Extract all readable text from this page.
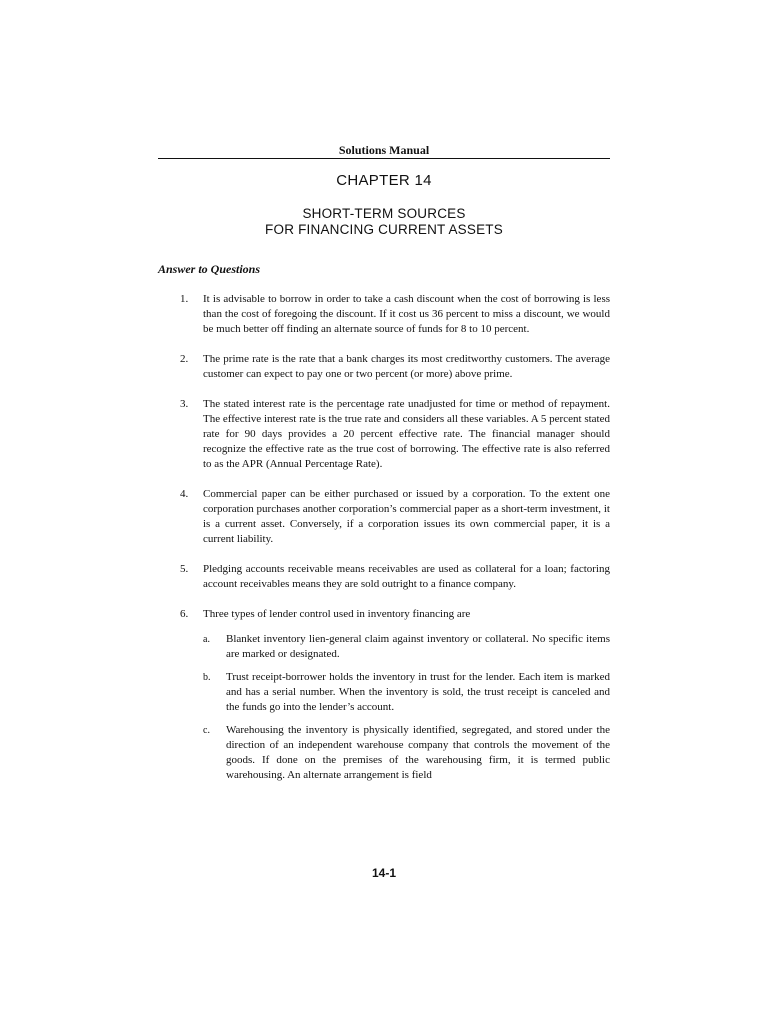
Solutions Manual
CHAPTER 14
SHORT-TERM SOURCES
FOR FINANCING CURRENT ASSETS
Answer to Questions
1. It is advisable to borrow in order to take a cash discount when the cost of borrowing is less than the cost of foregoing the discount. If it cost us 36 percent to miss a discount, we would be much better off finding an alternate source of funds for 8 to 10 percent.
2. The prime rate is the rate that a bank charges its most creditworthy customers. The average customer can expect to pay one or two percent (or more) above prime.
3. The stated interest rate is the percentage rate unadjusted for time or method of repayment. The effective interest rate is the true rate and considers all these variables. A 5 percent stated rate for 90 days provides a 20 percent effective rate. The financial manager should recognize the effective rate as the true cost of borrowing. The effective rate is also referred to as the APR (Annual Percentage Rate).
4. Commercial paper can be either purchased or issued by a corporation. To the extent one corporation purchases another corporation’s commercial paper as a short-term investment, it is a current asset. Conversely, if a corporation issues its own commercial paper, it is a current liability.
5. Pledging accounts receivable means receivables are used as collateral for a loan; factoring account receivables means they are sold outright to a finance company.
6. Three types of lender control used in inventory financing are
a. Blanket inventory lien-general claim against inventory or collateral. No specific items are marked or designated.
b. Trust receipt-borrower holds the inventory in trust for the lender. Each item is marked and has a serial number. When the inventory is sold, the trust receipt is canceled and the funds go into the lender’s account.
c. Warehousing the inventory is physically identified, segregated, and stored under the direction of an independent warehouse company that controls the movement of the goods. If done on the premises of the warehousing firm, it is termed public warehousing. An alternate arrangement is field
14-1
